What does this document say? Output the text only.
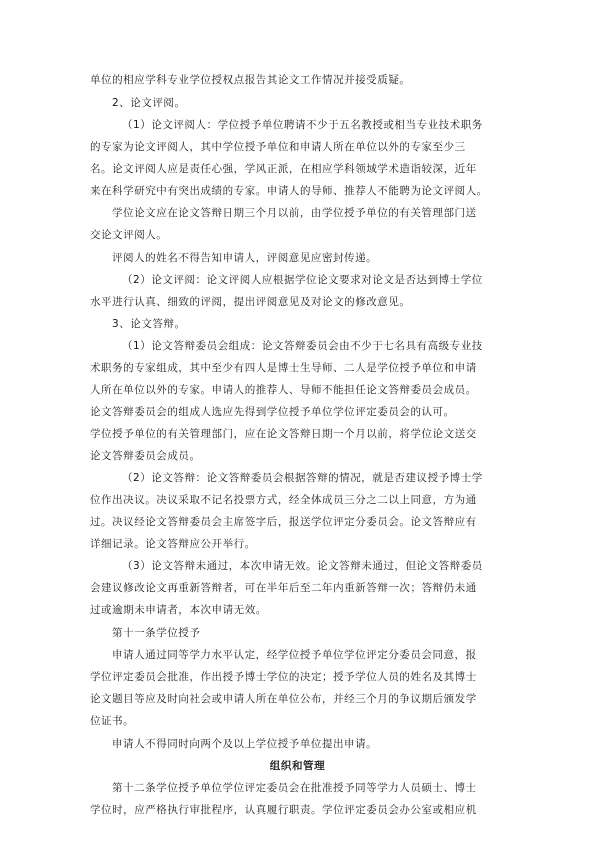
单位的相应学科专业学位授权点报告其论文工作情况并接受质疑。
2、论文评阅。
（1）论文评阅人：学位授予单位聘请不少于五名教授或相当专业技术职务
的专家为论文评阅人，其中学位授予单位和申请人所在单位以外的专家至少三
名。论文评阅人应是责任心强，学风正派，在相应学科领域学术造诣较深，近年
来在科学研究中有突出成绩的专家。申请人的导师、推荐人不能聘为论文评阅人。
学位论文应在论文答辩日期三个月以前，由学位授予单位的有关管理部门送
交论文评阅人。
评阅人的姓名不得告知申请人，评阅意见应密封传递。
（2）论文评阅：论文评阅人应根据学位论文要求对论文是否达到博士学位
水平进行认真、细致的评阅，提出评阅意见及对论文的修改意见。
3、论文答辩。
（1）论文答辩委员会组成：论文答辩委员会由不少于七名具有高级专业技
术职务的专家组成，其中至少有四人是博士生导师、二人是学位授予单位和申请
人所在单位以外的专家。申请人的推荐人、导师不能担任论文答辩委员会成员。
论文答辩委员会的组成人选应先得到学位授予单位学位评定委员会的认可。
学位授予单位的有关管理部门，应在论文答辩日期一个月以前，将学位论文送交
论文答辩委员会成员。
（2）论文答辩：论文答辩委员会根据答辩的情况，就是否建议授予博士学
位作出决议。决议采取不记名投票方式，经全体成员三分之二以上同意，方为通
过。决议经论文答辩委员会主席签字后，报送学位评定分委员会。论文答辩应有
详细记录。论文答辩应公开举行。
（3）论文答辩未通过，本次申请无效。论文答辩未通过，但论文答辩委员
会建议修改论文再重新答辩者，可在半年后至二年内重新答辩一次；答辩仍未通
过或逾期未申请者，本次申请无效。
第十一条学位授予
申请人通过同等学力水平认定，经学位授予单位学位评定分委员会同意，报
学位评定委员会批准，作出授予博士学位的决定；授予学位人员的姓名及其博士
论文题目等应及时向社会或申请人所在单位公布，并经三个月的争议期后颁发学
位证书。
申请人不得同时向两个及以上学位授予单位提出申请。
组织和管理
第十二条学位授予单位学位评定委员会在批准授予同等学力人员硕士、博士
学位时，应严格执行审批程序，认真履行职责。学位评定委员会办公室或相应机
